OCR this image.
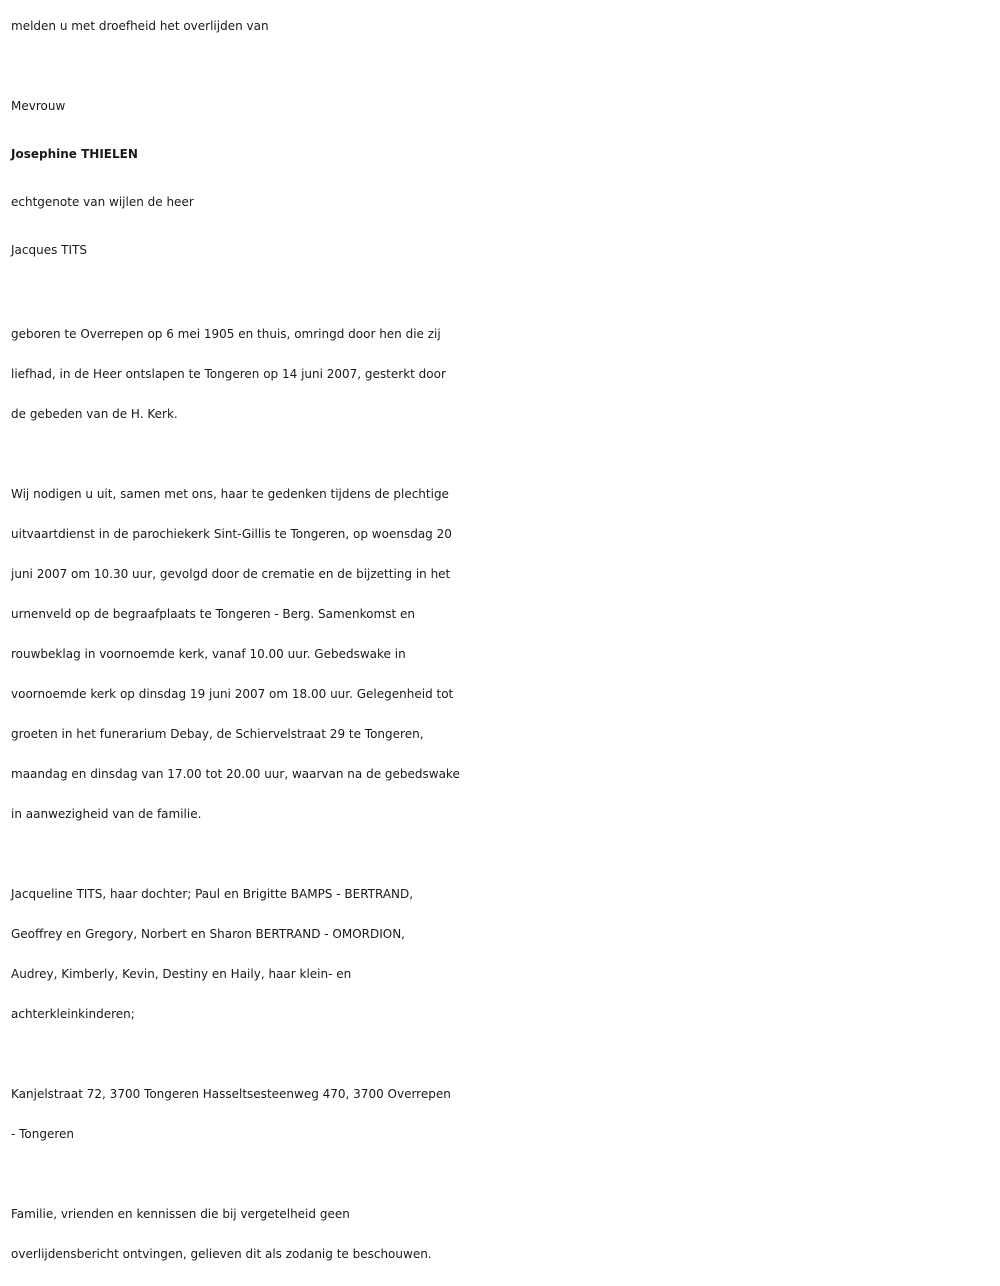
melden u met droefheid het overlijden van

Mevrouw

Josephine THIELEN

echtgenote van wijlen de heer

Jacques TITS

geboren te Overrepen op 6 mei 1905 en thuis, omringd door hen die zij
liefhad, in de Heer ontslapen te Tongeren op 14 juni 2007, gesterkt door
de gebeden van de H. Kerk.

Wij nodigen u uit, samen met ons, haar te gedenken tijdens de plechtige
uitvaartdienst in de parochiekerk Sint-Gillis te Tongeren, op woensdag 20
juni 2007 om 10.30 uur, gevolgd door de crematie en de bijzetting in het
urnenveld op de begraafplaats te Tongeren - Berg. Samenkomst en
rouwbeklag in voornoemde kerk, vanaf 10.00 uur. Gebedswake in
voornoemde kerk op dinsdag 19 juni 2007 om 18.00 uur. Gelegenheid tot
groeten in het funerarium Debay, de Schiervelstraat 29 te Tongeren,
maandag en dinsdag van 17.00 tot 20.00 uur, waarvan na de gebedswake
in aanwezigheid van de familie.

Jacqueline TITS, haar dochter; Paul en Brigitte BAMPS - BERTRAND,
Geoffrey en Gregory, Norbert en Sharon BERTRAND - OMORDION,
Audrey, Kimberly, Kevin, Destiny en Haily, haar klein- en
achterkleinkinderen;

Kanjelstraat 72, 3700 Tongeren Hasseltsesteenweg 470, 3700 Overrepen
- Tongeren

Familie, vrienden en kennissen die bij vergetelheid geen
overlijdensbericht ontvingen, gelieven dit als zodanig te beschouwen.
